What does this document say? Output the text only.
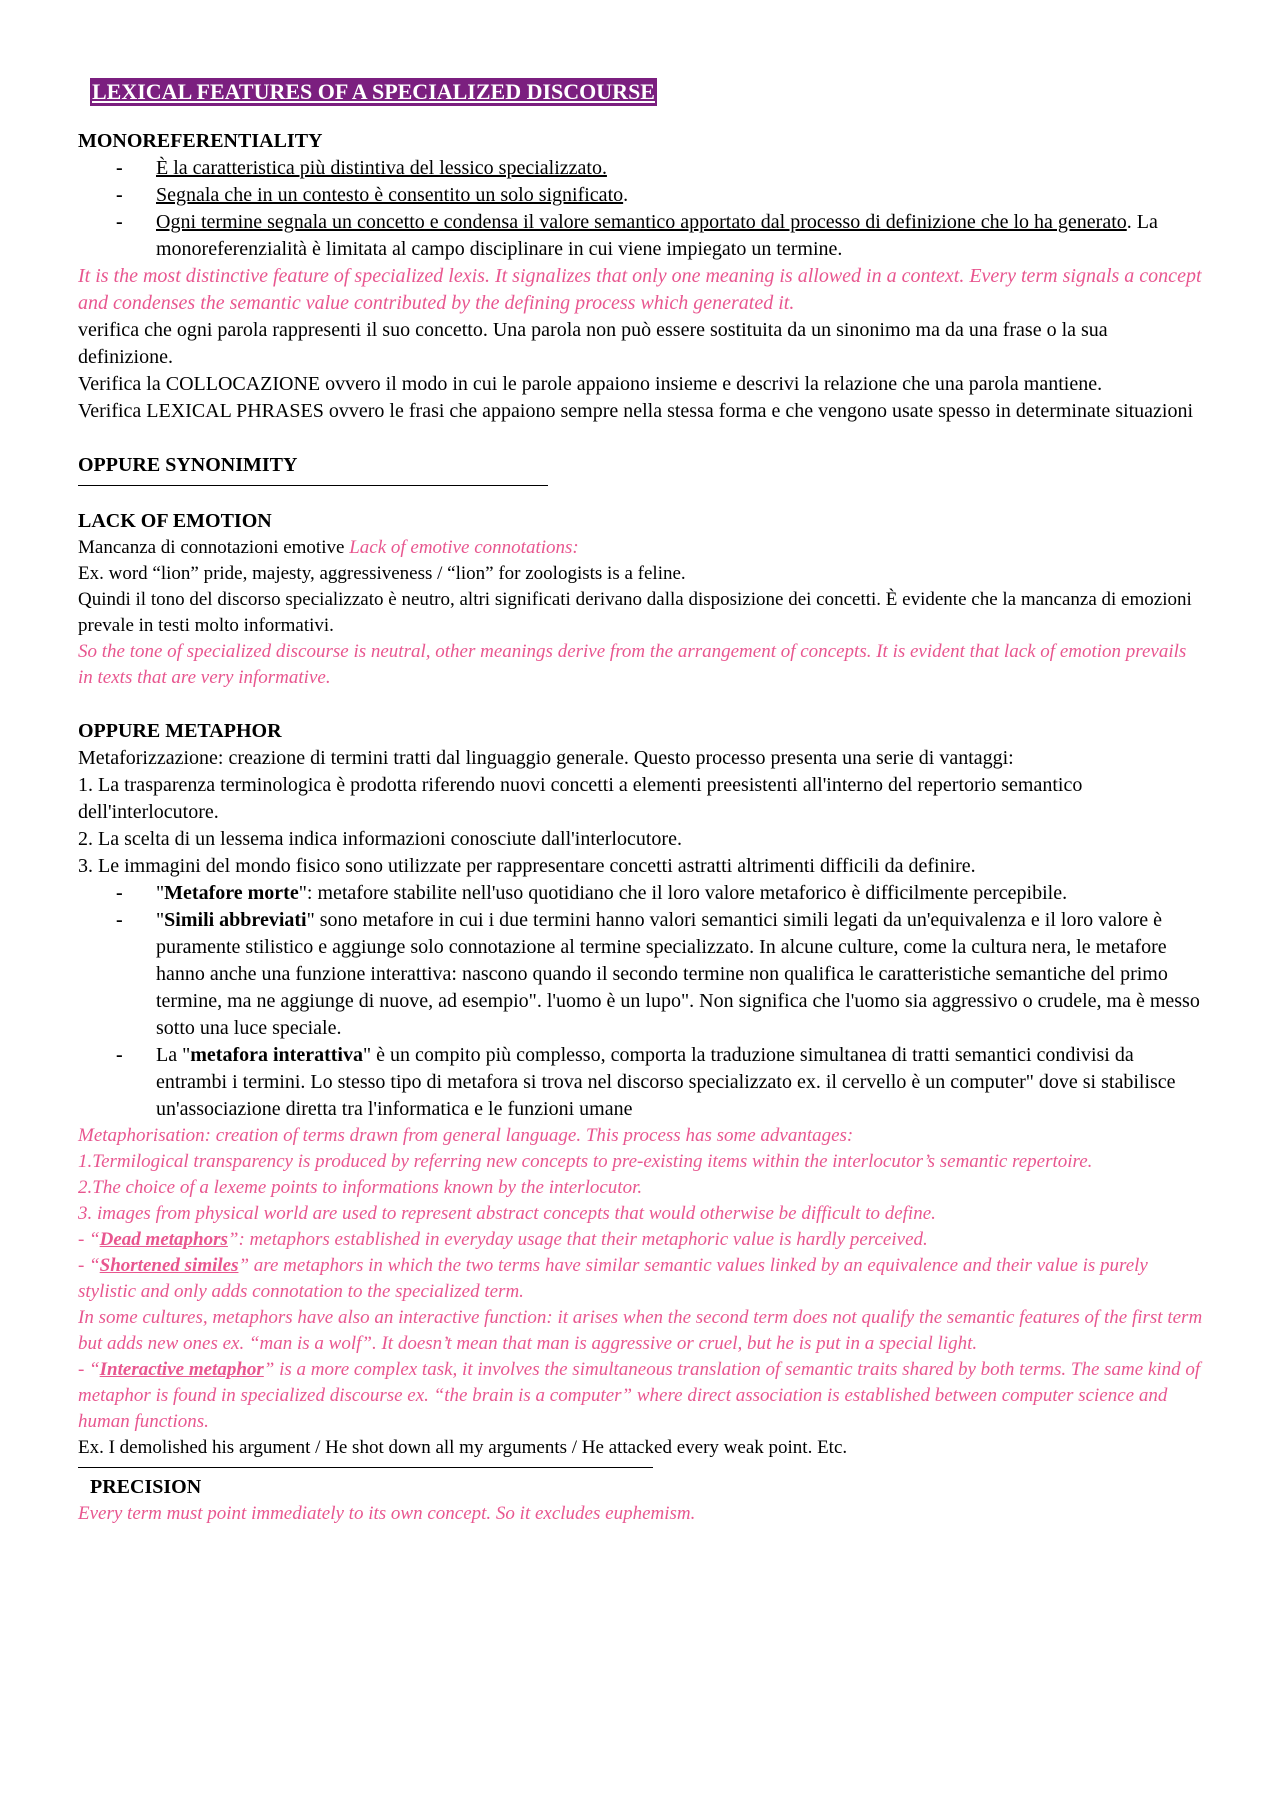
LEXICAL FEATURES OF A SPECIALIZED DISCOURSE

MONOREFERENTIALITY

- È la caratteristica più distintiva del lessico specializzato.
- Segnala che in un contesto è consentito un solo significato.
- Ogni termine segnala un concetto e condensa il valore semantico apportato dal processo di definizione che lo ha generato. La monoreferenzialità è limitata al campo disciplinare in cui viene impiegato un termine.

It is the most distinctive feature of specialized lexis. It signalizes that only one meaning is allowed in a context. Every term signals a concept and condenses the semantic value contributed by the defining process which generated it.

verifica che ogni parola rappresenti il suo concetto. Una parola non può essere sostituita da un sinonimo ma da una frase o la sua definizione.

Verifica la COLLOCAZIONE ovvero il modo in cui le parole appaiono insieme e descrivi la relazione che una parola mantiene.

Verifica LEXICAL PHRASES ovvero le frasi che appaiono sempre nella stessa forma e che vengono usate spesso in determinate situazioni

OPPURE SYNONIMITY

LACK OF EMOTION

Mancanza di connotazioni emotive Lack of emotive connotations:

Ex. word “lion” pride, majesty, aggressiveness / “lion” for zoologists is a feline.

Quindi il tono del discorso specializzato è neutro, altri significati derivano dalla disposizione dei concetti. È evidente che la mancanza di emozioni prevale in testi molto informativi.

So the tone of specialized discourse is neutral, other meanings derive from the arrangement of concepts. It is evident that lack of emotion prevails in texts that are very informative.

OPPURE METAPHOR

Metaforizzazione: creazione di termini tratti dal linguaggio generale. Questo processo presenta una serie di vantaggi:

1. La trasparenza terminologica è prodotta riferendo nuovi concetti a elementi preesistenti all'interno del repertorio semantico dell'interlocutore.

2. La scelta di un lessema indica informazioni conosciute dall'interlocutore.

3. Le immagini del mondo fisico sono utilizzate per rappresentare concetti astratti altrimenti difficili da definire.

- "Metafore morte": metafore stabilite nell'uso quotidiano che il loro valore metaforico è difficilmente percepibile.
- "Simili abbreviati" sono metafore in cui i due termini hanno valori semantici simili legati da un'equivalenza e il loro valore è puramente stilistico e aggiunge solo connotazione al termine specializzato. In alcune culture, come la cultura nera, le metafore hanno anche una funzione interattiva: nascono quando il secondo termine non qualifica le caratteristiche semantiche del primo termine, ma ne aggiunge di nuove, ad esempio". l'uomo è un lupo". Non significa che l'uomo sia aggressivo o crudele, ma è messo sotto una luce speciale.
- La "metafora interattiva" è un compito più complesso, comporta la traduzione simultanea di tratti semantici condivisi da entrambi i termini. Lo stesso tipo di metafora si trova nel discorso specializzato ex. il cervello è un computer" dove si stabilisce un'associazione diretta tra l'informatica e le funzioni umane

Metaphorisation: creation of terms drawn from general language. This process has some advantages:

1.Termilogical transparency is produced by referring new concepts to pre-existing items within the interlocutor’s semantic repertoire.

2.The choice of a lexeme points to informations known by the interlocutor.

3. images from physical world are used to represent abstract concepts that would otherwise be difficult to define.

- “Dead metaphors”: metaphors established in everyday usage that their metaphoric value is hardly perceived.

- “Shortened similes” are metaphors in which the two terms have similar semantic values linked by an equivalence and their value is purely stylistic and only adds connotation to the specialized term.

In some cultures, metaphors have also an interactive function: it arises when the second term does not qualify the semantic features of the first term but adds new ones ex. “man is a wolf”. It doesn’t mean that man is aggressive or cruel, but he is put in a special light.

- “Interactive metaphor” is a more complex task, it involves the simultaneous translation of semantic traits shared by both terms. The same kind of metaphor is found in specialized discourse ex. “the brain is a computer” where direct association is established between computer science and human functions.

Ex. I demolished his argument / He shot down all my arguments / He attacked every weak point. Etc.

PRECISION

Every term must point immediately to its own concept. So it excludes euphemism.
